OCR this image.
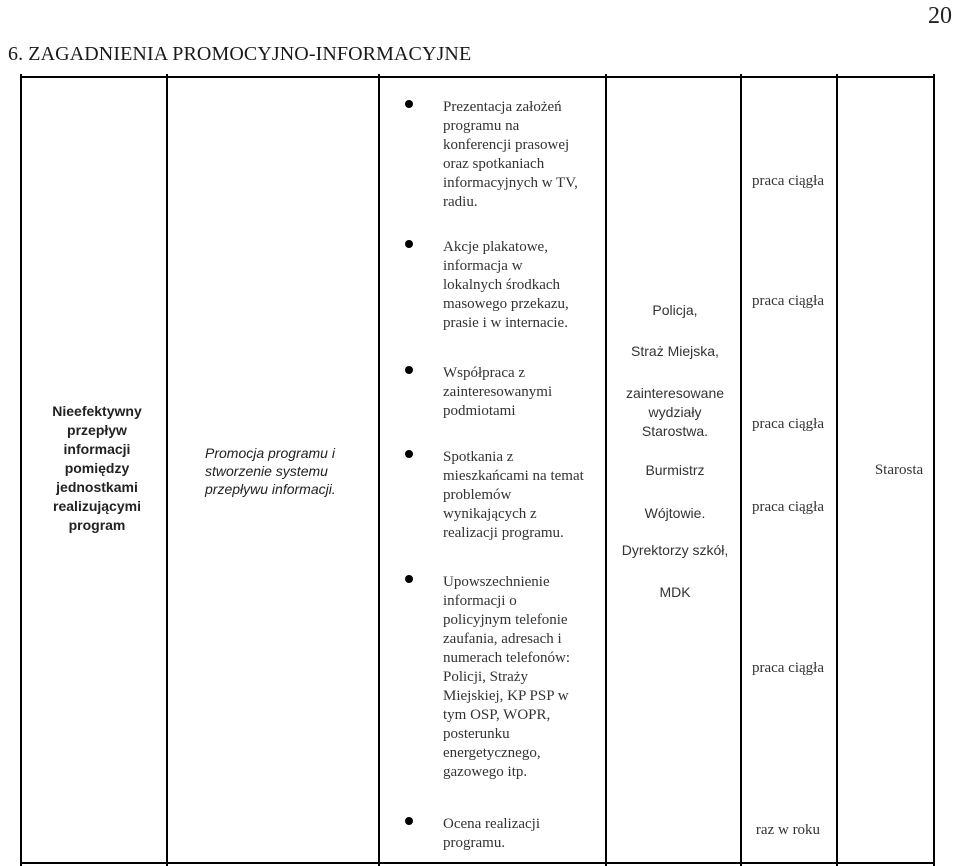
20
6. ZAGADNIENIA PROMOCYJNO-INFORMACYJNE
Nieefektywny
przepływ
informacji
pomiędzy
jednostkami
realizującymi
program
Promocja programu i
stworzenie systemu
przepływu informacji.
Prezentacja założeń
programu na
konferencji prasowej
oraz spotkaniach
informacyjnych w TV,
radiu.
Akcje plakatowe,
informacja w
lokalnych środkach
masowego przekazu,
prasie i w internacie.
Współpraca z
zainteresowanymi
podmiotami
Spotkania z
mieszkańcami na temat
problemów
wynikających z
realizacji programu.
Upowszechnienie
informacji o
policyjnym telefonie
zaufania, adresach i
numerach telefonów:
Policji, Straży
Miejskiej, KP PSP w
tym OSP, WOPR,
posterunku
energetycznego,
gazowego itp.
Ocena realizacji
programu.
Policja,
Straż Miejska,
zainteresowane
wydziały
Starostwa.
Burmistrz
Wójtowie.
Dyrektorzy szkół,
MDK
praca ciągła
praca ciągła
praca ciągła
praca ciągła
praca ciągła
raz w roku
Starosta
